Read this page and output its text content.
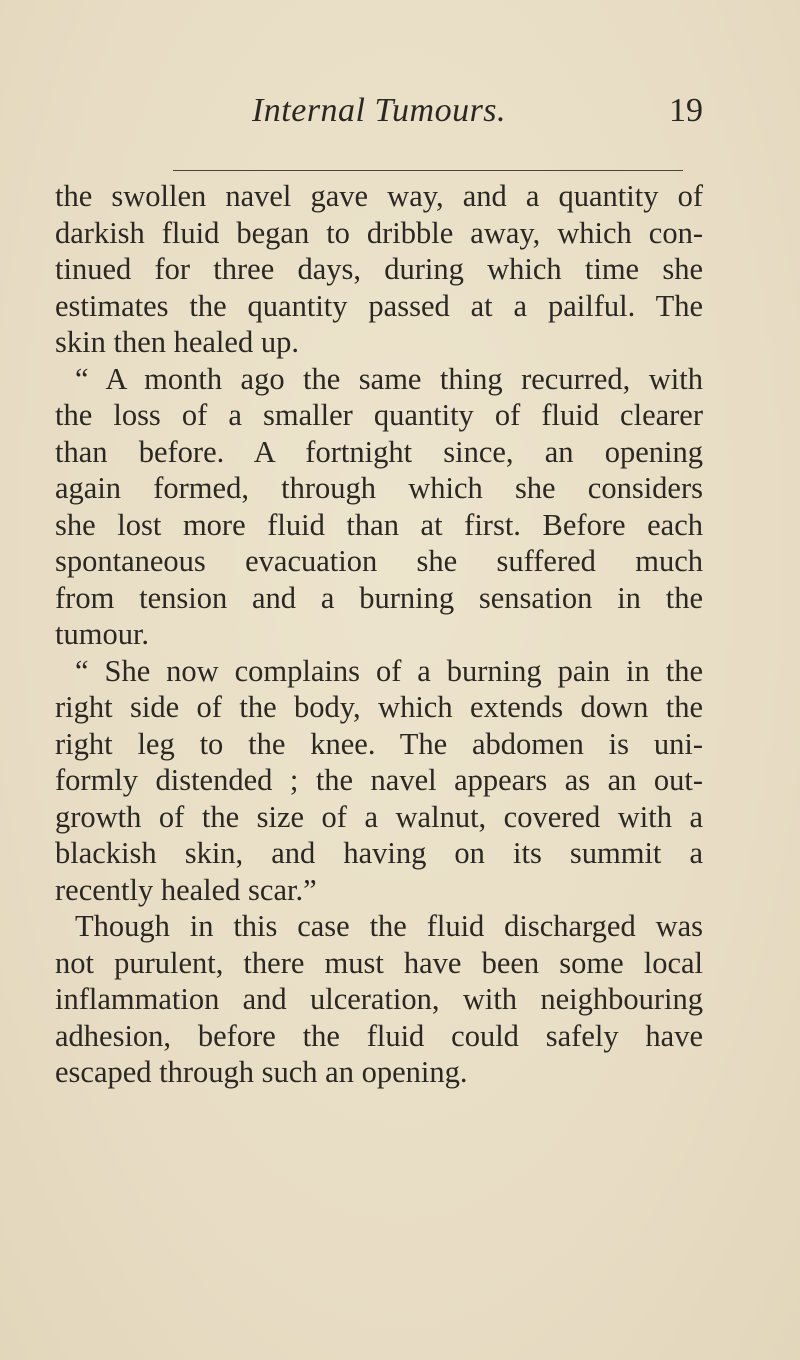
Internal Tumours.	19
the swollen navel gave way, and a quantity of
darkish fluid began to dribble away, which con-
tinued for three days, during which time she
estimates the quantity passed at a pailful. The
skin then healed up.
“ A month ago the same thing recurred, with
the loss of a smaller quantity of fluid clearer
than before. A fortnight since, an opening
again formed, through which she considers
she lost more fluid than at first. Before each
spontaneous evacuation she suffered much
from tension and a burning sensation in the
tumour.
“ She now complains of a burning pain in the
right side of the body, which extends down the
right leg to the knee. The abdomen is uni-
formly distended ; the navel appears as an out-
growth of the size of a walnut, covered with a
blackish skin, and having on its summit a
recently healed scar.”
Though in this case the fluid discharged was
not purulent, there must have been some local
inflammation and ulceration, with neighbouring
adhesion, before the fluid could safely have
escaped through such an opening.
